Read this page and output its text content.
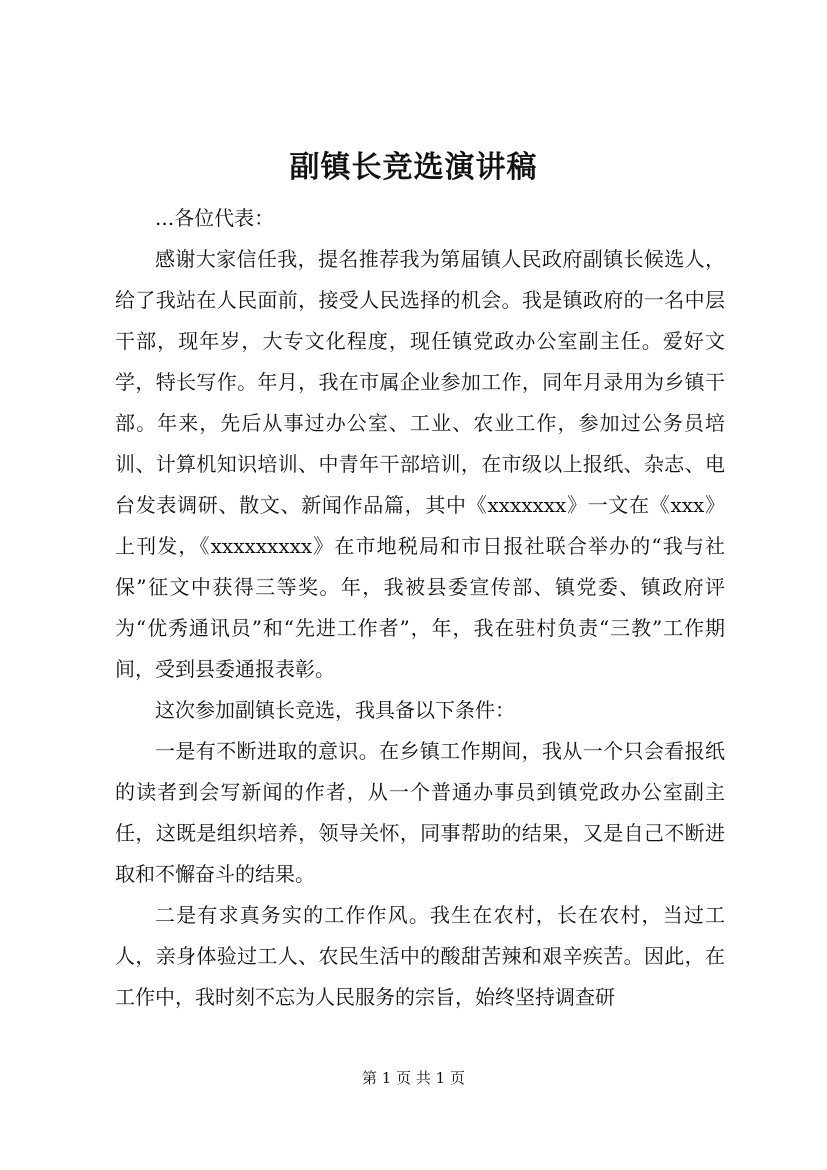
副镇长竞选演讲稿

...各位代表：

感谢大家信任我，提名推荐我为第届镇人民政府副镇长候选人，给了我站在人民面前，接受人民选择的机会。我是镇政府的一名中层干部，现年岁，大专文化程度，现任镇党政办公室副主任。爱好文学，特长写作。年月，我在市属企业参加工作，同年月录用为乡镇干部。年来，先后从事过办公室、工业、农业工作，参加过公务员培训、计算机知识培训、中青年干部培训，在市级以上报纸、杂志、电台发表调研、散文、新闻作品篇，其中《xxxxxxx》一文在《xxx》上刊发，《xxxxxxxxx》在市地税局和市日报社联合举办的“我与社保”征文中获得三等奖。年，我被县委宣传部、镇党委、镇政府评为“优秀通讯员”和“先进工作者”，年，我在驻村负责“三教”工作期间，受到县委通报表彰。

这次参加副镇长竞选，我具备以下条件：

一是有不断进取的意识。在乡镇工作期间，我从一个只会看报纸的读者到会写新闻的作者，从一个普通办事员到镇党政办公室副主任，这既是组织培养，领导关怀，同事帮助的结果，又是自己不断进取和不懈奋斗的结果。

二是有求真务实的工作作风。我生在农村，长在农村，当过工人，亲身体验过工人、农民生活中的酸甜苦辣和艰辛疾苦。因此，在工作中，我时刻不忘为人民服务的宗旨，始终坚持调查研

第 1 页 共 1 页
